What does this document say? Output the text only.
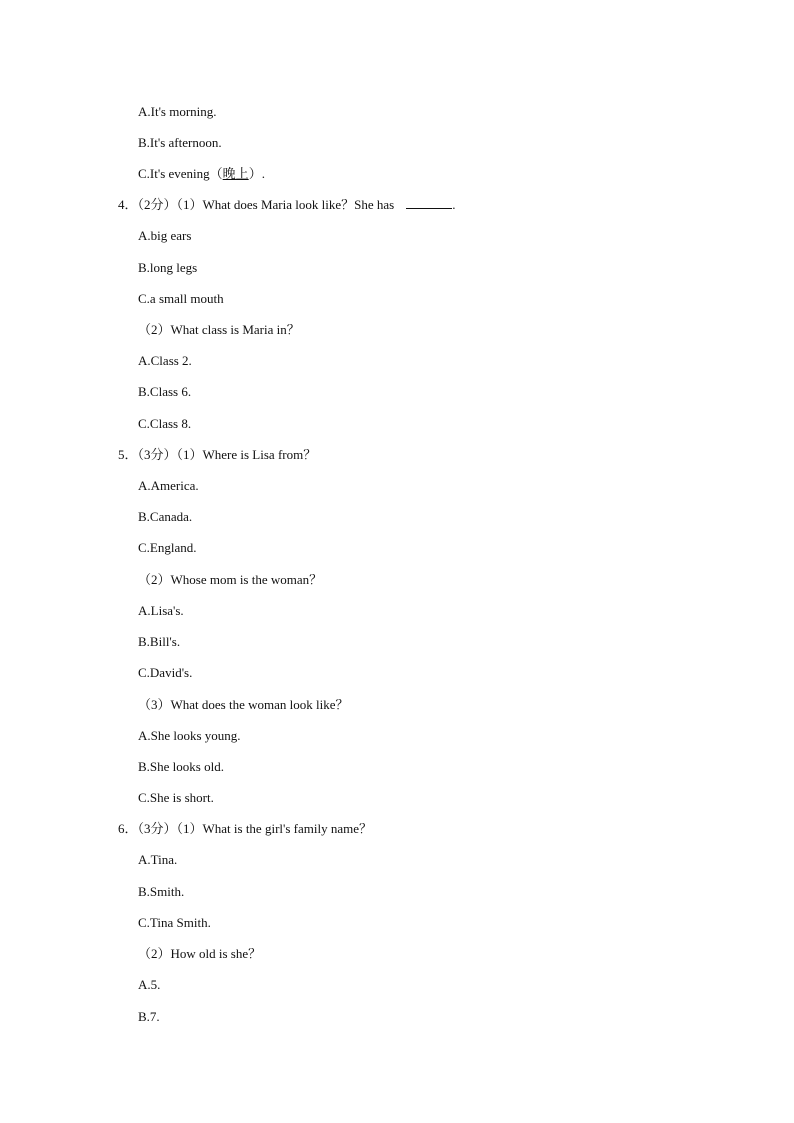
A.It's morning.
B.It's afternoon.
C.It's evening（晚上）.
4．（2分）（1）What does Maria look like？She has	.
A.big ears
B.long legs
C.a small mouth
（2）What class is Maria in？
A.Class 2.
B.Class 6.
C.Class 8.
5．（3分）（1）Where is Lisa from？
A.America.
B.Canada.
C.England.
（2）Whose mom is the woman？
A.Lisa's.
B.Bill's.
C.David's.
（3）What does the woman look like？
A.She looks young.
B.She looks old.
C.She is short.
6．（3分）（1）What is the girl's family name？
A.Tina.
B.Smith.
C.Tina Smith.
（2）How old is she？
A.5.
B.7.
